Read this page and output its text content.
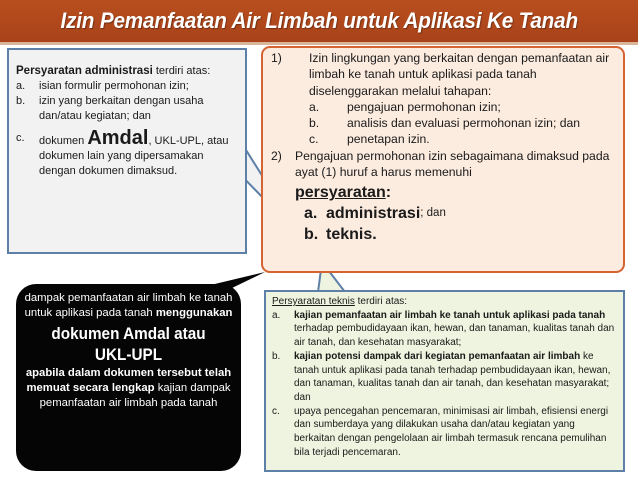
Izin Pemanfaatan Air Limbah untuk Aplikasi Ke Tanah
Persyaratan administrasi terdiri atas:
a.	isian formulir permohonan izin;
b.	izin yang berkaitan dengan usaha dan/atau kegiatan; dan
c.	dokumen Amdal, UKL-UPL, atau dokumen lain yang dipersamakan dengan dokumen dimaksud.
1)	Izin lingkungan yang berkaitan dengan pemanfaatan air limbah ke tanah untuk aplikasi pada tanah diselenggarakan melalui tahapan:
a.	pengajuan permohonan izin;
b.	analisis dan evaluasi permohonan izin; dan
c.	penetapan izin.
2)	Pengajuan permohonan izin sebagaimana dimaksud pada ayat (1) huruf a harus memenuhi
persyaratan:
a. administrasi ; dan
b. teknis.
dampak pemanfaatan air limbah ke tanah untuk aplikasi pada tanah menggunakan
dokumen Amdal atau UKL-UPL
apabila dalam dokumen tersebut telah memuat secara lengkap kajian dampak pemanfaatan air limbah pada tanah
Persyaratan teknis terdiri atas:
a.	kajian pemanfaatan air limbah ke tanah untuk aplikasi pada tanah terhadap pembudidayaan ikan, hewan, dan tanaman, kualitas tanah dan air tanah, dan kesehatan masyarakat;
b.	kajian potensi dampak dari kegiatan pemanfaatan air limbah ke tanah untuk aplikasi pada tanah terhadap pembudidayaan ikan, hewan, dan tanaman, kualitas tanah dan air tanah, dan kesehatan masyarakat; dan
c.	upaya pencegahan pencemaran, minimisasi air limbah, efisiensi energi dan sumberdaya yang dilakukan usaha dan/atau kegiatan yang berkaitan dengan pengelolaan air limbah termasuk rencana pemulihan bila terjadi pencemaran.
